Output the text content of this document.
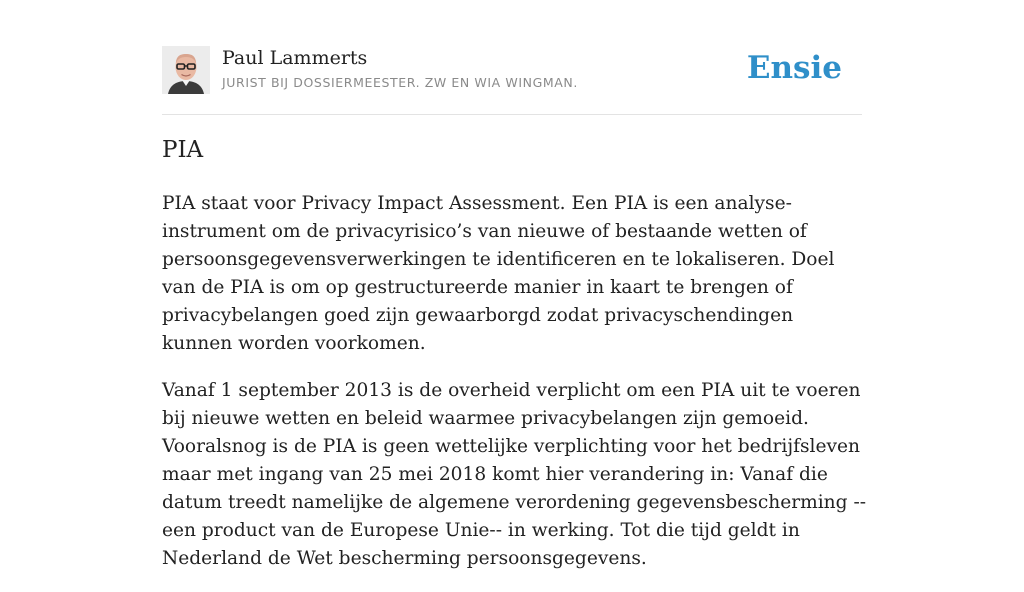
Paul Lammerts
JURIST BIJ DOSSIERMEESTER. ZW EN WIA WINGMAN.	Ensie
PIA

PIA staat voor Privacy Impact Assessment. Een PIA is een analyse-instrument om de privacyrisico’s van nieuwe of bestaande wetten of persoonsgegevensverwerkingen te identificeren en te lokaliseren. Doel van de PIA is om op gestructureerde manier in kaart te brengen of privacybelangen goed zijn gewaarborgd zodat privacyschendingen kunnen worden voorkomen.

Vanaf 1 september 2013 is de overheid verplicht om een PIA uit te voeren bij nieuwe wetten en beleid waarmee privacybelangen zijn gemoeid. Vooralsnog is de PIA is geen wettelijke verplichting voor het bedrijfsleven maar met ingang van 25 mei 2018 komt hier verandering in: Vanaf die datum treedt namelijke de algemene verordening gegevensbescherming --een product van de Europese Unie-- in werking. Tot die tijd geldt in Nederland de Wet bescherming persoonsgegevens.
